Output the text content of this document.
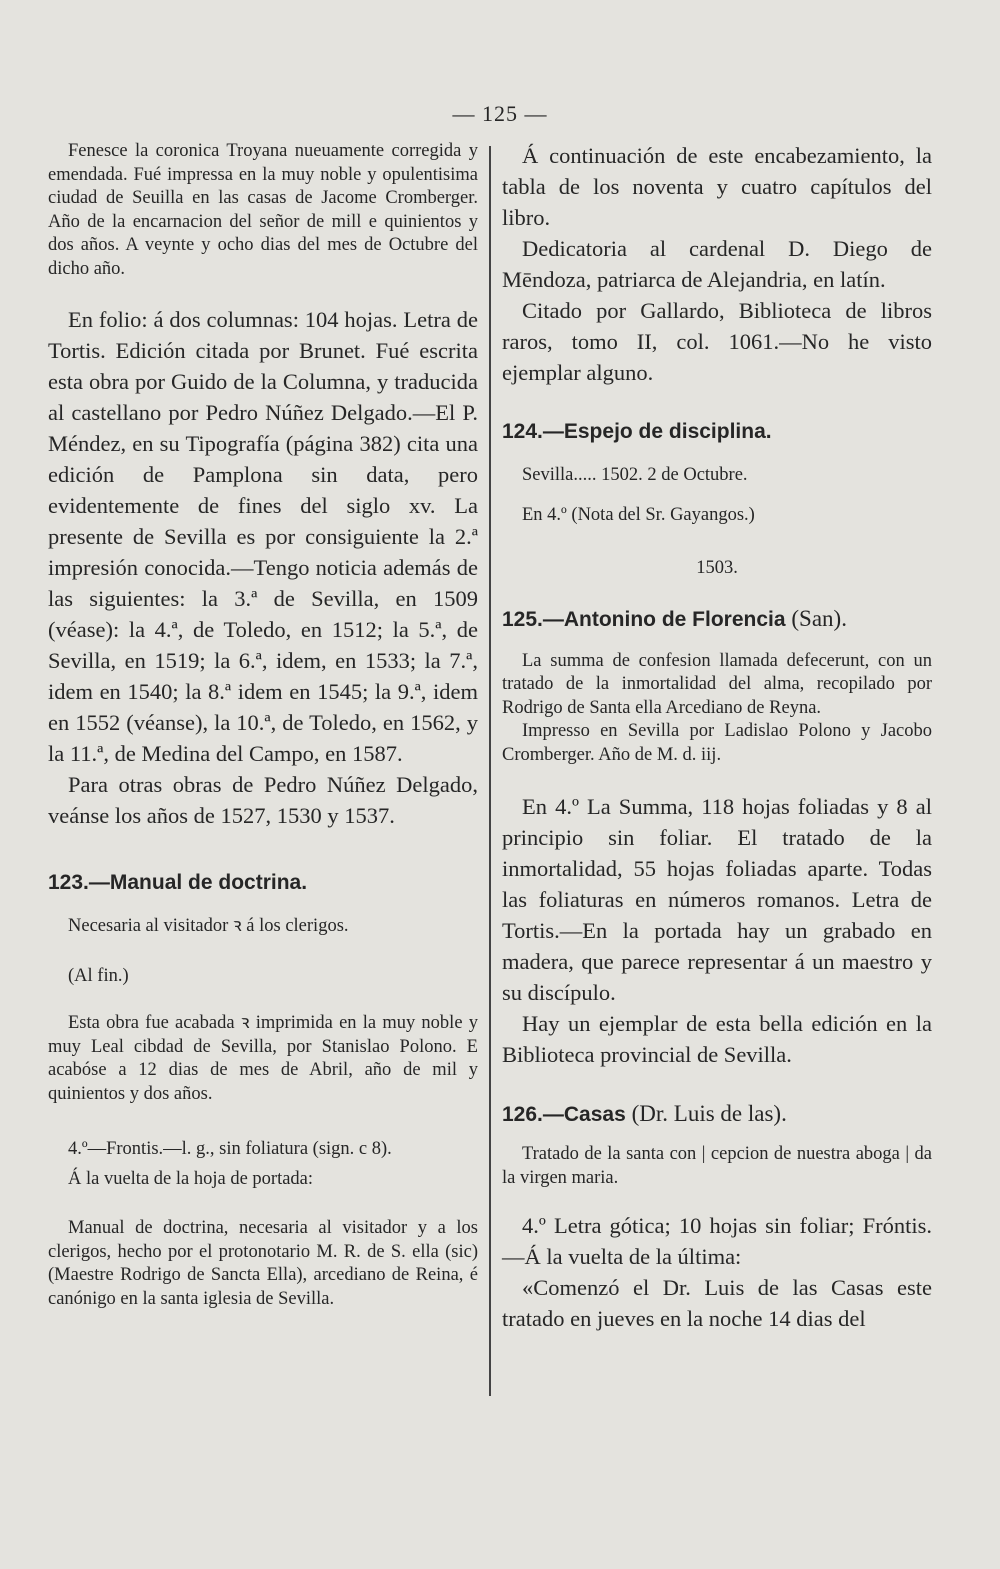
— 125 —

Fenesce la coronica Troyana nueuamente corregida y emendada. Fué impressa en la muy noble y opulentisima ciudad de Seuilla en las casas de Jacome Cromberger. Año de la encarnacion del señor de mill e quinientos y dos años. A veynte y ocho dias del mes de Octubre del dicho año.

En folio: á dos columnas: 104 hojas. Letra de Tortis. Edición citada por Brunet. Fué escrita esta obra por Guido de la Columna, y traducida al castellano por Pedro Núñez Delgado.—El P. Méndez, en su Tipografía (página 382) cita una edición de Pamplona sin data, pero evidentemente de fines del siglo xv. La presente de Sevilla es por consiguiente la 2.ª impresión conocida.—Tengo noticia además de las siguientes: la 3.ª de Sevilla, en 1509 (véase): la 4.ª, de Toledo, en 1512; la 5.ª, de Sevilla, en 1519; la 6.ª, idem, en 1533; la 7.ª, idem en 1540; la 8.ª idem en 1545; la 9.ª, idem en 1552 (véanse), la 10.ª, de Toledo, en 1562, y la 11.ª, de Medina del Campo, en 1587.

Para otras obras de Pedro Núñez Delgado, veánse los años de 1527, 1530 y 1537.

123.—Manual de doctrina.

Necesaria al visitador ꝛ á los clerigos.

(Al fin.)

Esta obra fue acabada ꝛ imprimida en la muy noble y muy Leal cibdad de Sevilla, por Stanislao Polono. E acabóse a 12 dias de mes de Abril, año de mil y quinientos y dos años.

4.º—Frontis.—l. g., sin foliatura (sign. c 8).

Á la vuelta de la hoja de portada:

Manual de doctrina, necesaria al visitador y a los clerigos, hecho por el protonotario M. R. de S. ella (sic) (Maestre Rodrigo de Sancta Ella), arcediano de Reina, é canónigo en la santa iglesia de Sevilla.

Á continuación de este encabezamiento, la tabla de los noventa y cuatro capítulos del libro.

Dedicatoria al cardenal D. Diego de Mēndoza, patriarca de Alejandria, en latín.

Citado por Gallardo, Biblioteca de libros raros, tomo II, col. 1061.—No he visto ejemplar alguno.

124.—Espejo de disciplina.

Sevilla..... 1502. 2 de Octubre.

En 4.º (Nota del Sr. Gayangos.)

1503.

125.—Antonino de Florencia (San).

La summa de confesion llamada defecerunt, con un tratado de la inmortalidad del alma, recopilado por Rodrigo de Santa ella Arcediano de Reyna.

Impresso en Sevilla por Ladislao Polono y Jacobo Cromberger. Año de M. d. iij.

En 4.º La Summa, 118 hojas foliadas y 8 al principio sin foliar. El tratado de la inmortalidad, 55 hojas foliadas aparte. Todas las foliaturas en números romanos. Letra de Tortis.—En la portada hay un grabado en madera, que parece representar á un maestro y su discípulo.

Hay un ejemplar de esta bella edición en la Biblioteca provincial de Sevilla.

126.—Casas (Dr. Luis de las).

Tratado de la santa con | cepcion de nuestra aboga | da la virgen maria.

4.º Letra gótica; 10 hojas sin foliar; Fróntis.—Á la vuelta de la última:

«Comenzó el Dr. Luis de las Casas este tratado en jueves en la noche 14 dias del
